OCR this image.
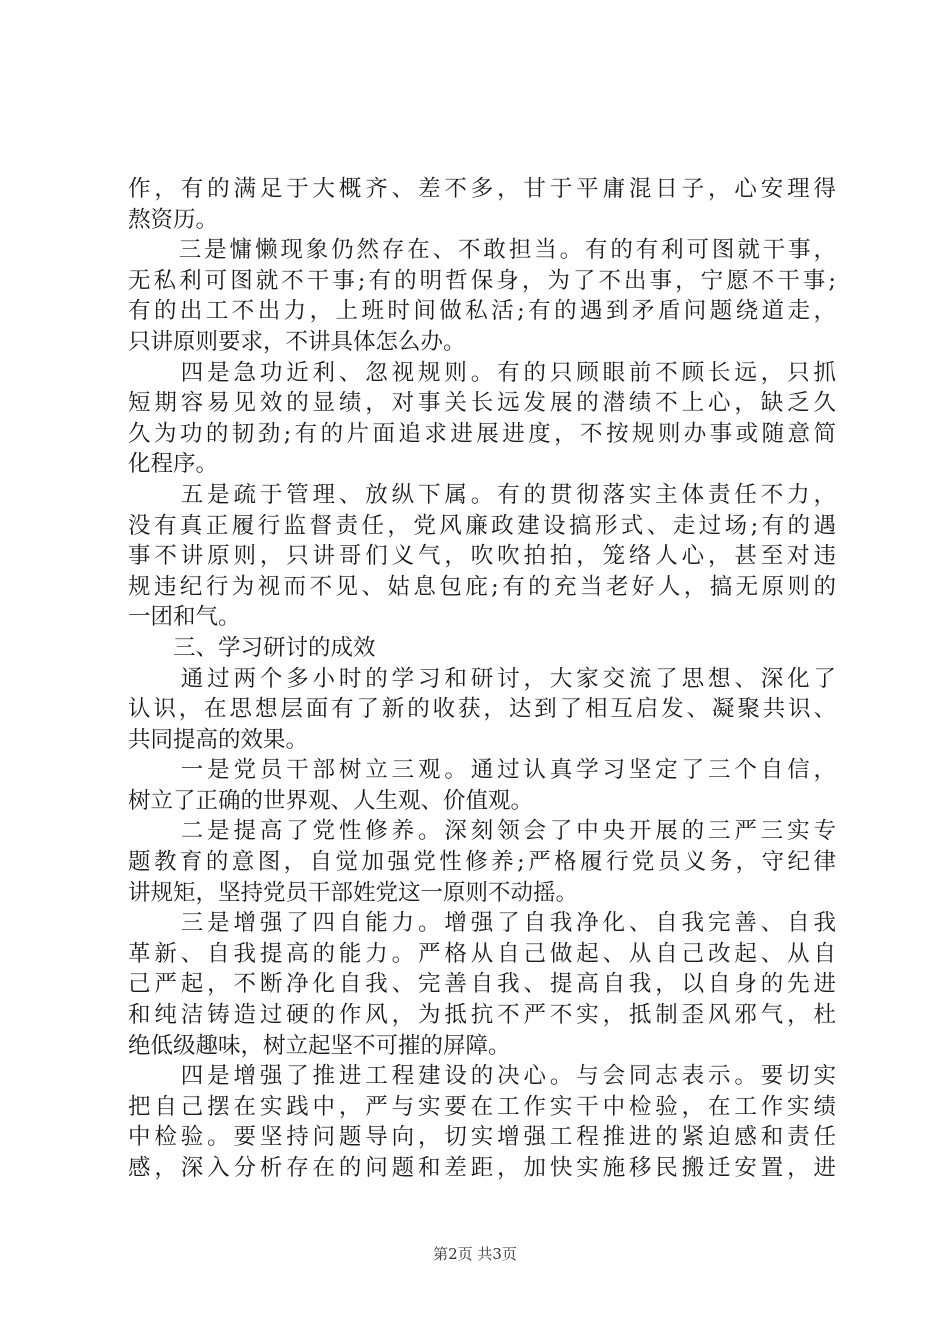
作，有的满足于大概齐、差不多，甘于平庸混日子，心安理得
熬资历。
　　三是慵懒现象仍然存在、不敢担当。有的有利可图就干事，
无私利可图就不干事;有的明哲保身，为了不出事，宁愿不干事;
有的出工不出力，上班时间做私活;有的遇到矛盾问题绕道走，
只讲原则要求，不讲具体怎么办。
　　四是急功近利、忽视规则。有的只顾眼前不顾长远，只抓
短期容易见效的显绩，对事关长远发展的潜绩不上心，缺乏久
久为功的韧劲;有的片面追求进展进度，不按规则办事或随意简
化程序。
　　五是疏于管理、放纵下属。有的贯彻落实主体责任不力，
没有真正履行监督责任，党风廉政建设搞形式、走过场;有的遇
事不讲原则，只讲哥们义气，吹吹拍拍，笼络人心，甚至对违
规违纪行为视而不见、姑息包庇;有的充当老好人，搞无原则的
一团和气。
　　三、学习研讨的成效
　　通过两个多小时的学习和研讨，大家交流了思想、深化了
认识，在思想层面有了新的收获，达到了相互启发、凝聚共识、
共同提高的效果。
　　一是党员干部树立三观。通过认真学习坚定了三个自信，
树立了正确的世界观、人生观、价值观。
　　二是提高了党性修养。深刻领会了中央开展的三严三实专
题教育的意图，自觉加强党性修养;严格履行党员义务，守纪律
讲规矩，坚持党员干部姓党这一原则不动摇。
　　三是增强了四自能力。增强了自我净化、自我完善、自我
革新、自我提高的能力。严格从自己做起、从自己改起、从自
己严起，不断净化自我、完善自我、提高自我，以自身的先进
和纯洁铸造过硬的作风，为抵抗不严不实，抵制歪风邪气，杜
绝低级趣味，树立起坚不可摧的屏障。
　　四是增强了推进工程建设的决心。与会同志表示。要切实
把自己摆在实践中，严与实要在工作实干中检验，在工作实绩
中检验。要坚持问题导向，切实增强工程推进的紧迫感和责任
感，深入分析存在的问题和差距，加快实施移民搬迁安置，进
第2页 共3页
